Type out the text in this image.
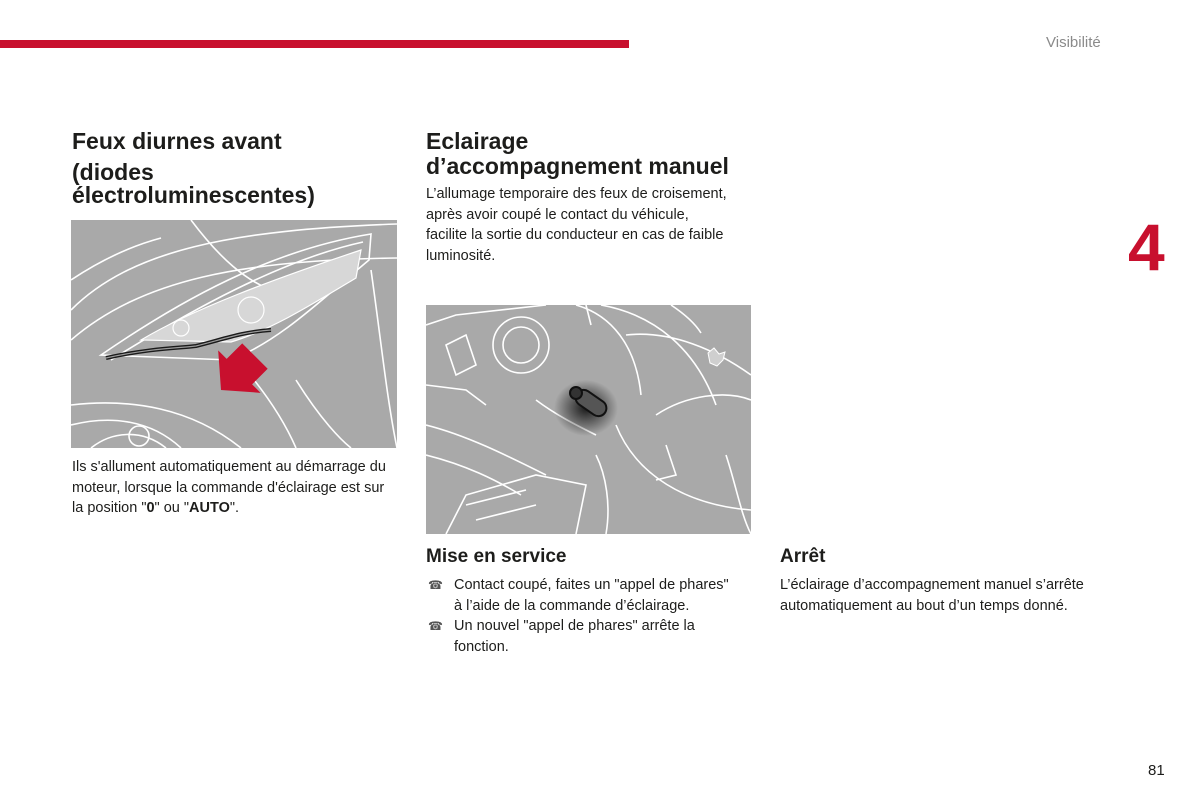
Visibilité
4
Feux diurnes avant
(diodes
électroluminescentes)

Ils s'allument automatiquement au démarrage du moteur, lorsque la commande d'éclairage est sur la position "0" ou "AUTO".

Eclairage
d’accompagnement manuel
L’allumage temporaire des feux de croisement,
après avoir coupé le contact du véhicule,
facilite la sortie du conducteur en cas de faible
luminosité.
Mise en service
☎ Contact coupé, faites un "appel de phares"
à l’aide de la commande d’éclairage.
☎ Un nouvel "appel de phares" arrête la
fonction.
Arrêt
L’éclairage d’accompagnement manuel s’arrête
automatiquement au bout d’un temps donné.
81
